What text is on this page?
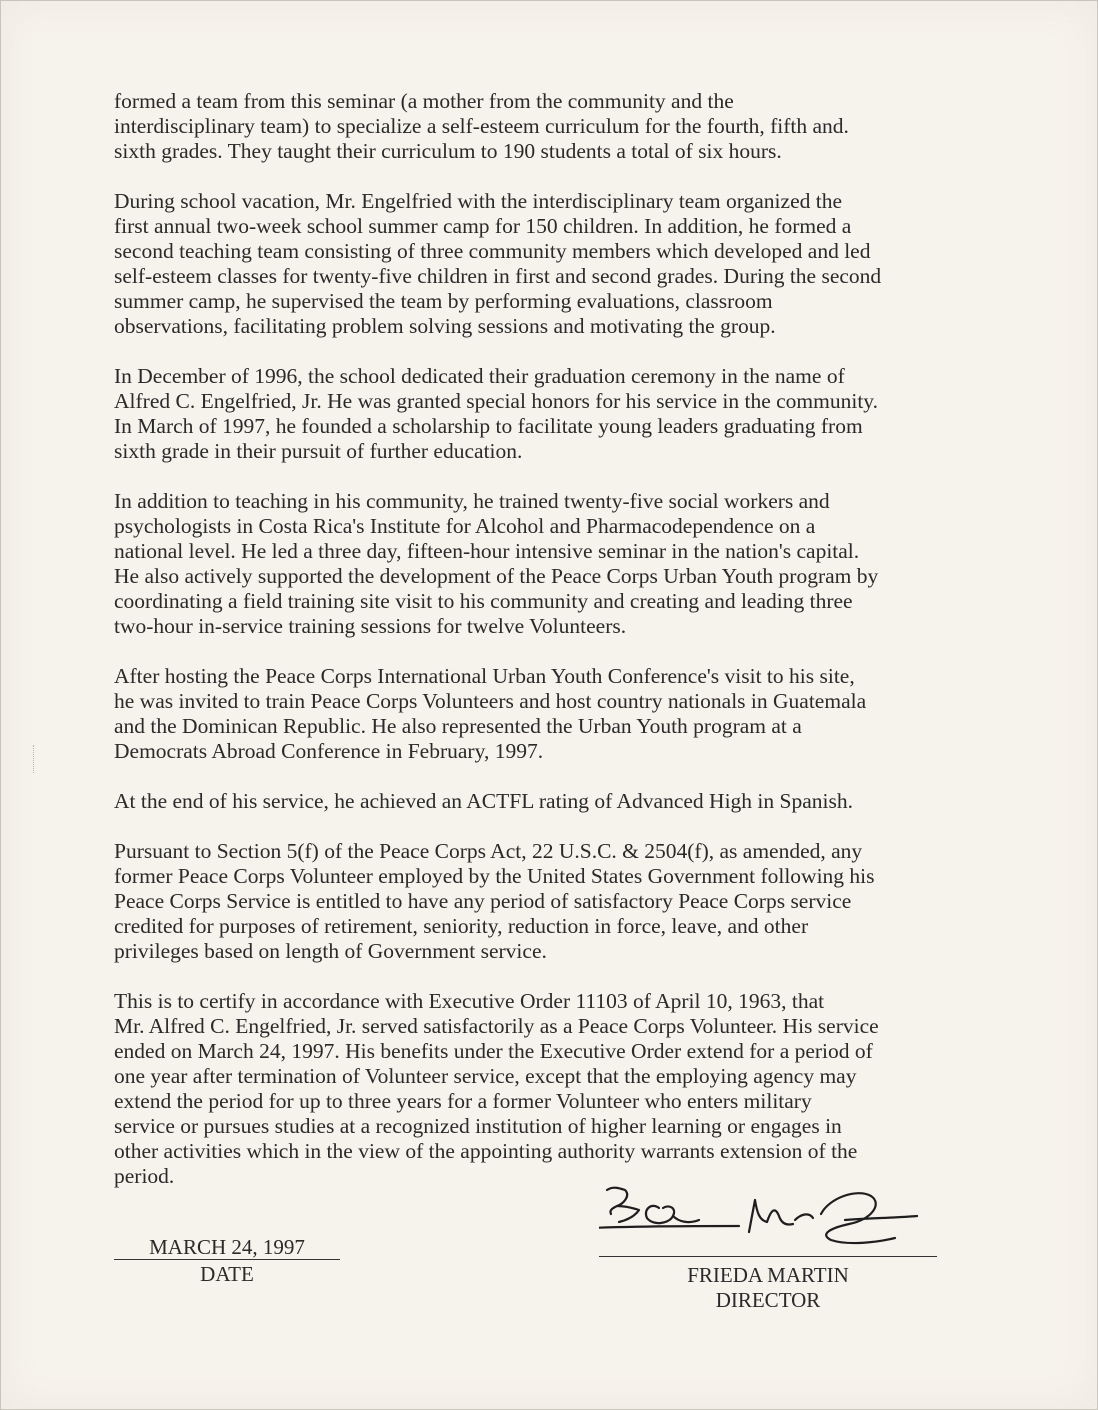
formed a team from this seminar (a mother from the community and the
interdisciplinary team) to specialize a self-esteem curriculum for the fourth, fifth and.
sixth grades. They taught their curriculum to 190 students a total of six hours.

During school vacation, Mr. Engelfried with the interdisciplinary team organized the
first annual two-week school summer camp for 150 children. In addition, he formed a
second teaching team consisting of three community members which developed and led
self-esteem classes for twenty-five children in first and second grades. During the second
summer camp, he supervised the team by performing evaluations, classroom
observations, facilitating problem solving sessions and motivating the group.

In December of 1996, the school dedicated their graduation ceremony in the name of
Alfred C. Engelfried, Jr. He was granted special honors for his service in the community.
In March of 1997, he founded a scholarship to facilitate young leaders graduating from
sixth grade in their pursuit of further education.

In addition to teaching in his community, he trained twenty-five social workers and
psychologists in Costa Rica's Institute for Alcohol and Pharmacodependence on a
national level. He led a three day, fifteen-hour intensive seminar in the nation's capital.
He also actively supported the development of the Peace Corps Urban Youth program by
coordinating a field training site visit to his community and creating and leading three
two-hour in-service training sessions for twelve Volunteers.

After hosting the Peace Corps International Urban Youth Conference's visit to his site,
he was invited to train Peace Corps Volunteers and host country nationals in Guatemala
and the Dominican Republic. He also represented the Urban Youth program at a
Democrats Abroad Conference in February, 1997.

At the end of his service, he achieved an ACTFL rating of Advanced High in Spanish.

Pursuant to Section 5(f) of the Peace Corps Act, 22 U.S.C. & 2504(f), as amended, any
former Peace Corps Volunteer employed by the United States Government following his
Peace Corps Service is entitled to have any period of satisfactory Peace Corps service
credited for purposes of retirement, seniority, reduction in force, leave, and other
privileges based on length of Government service.

This is to certify in accordance with Executive Order 11103 of April 10, 1963, that
Mr. Alfred C. Engelfried, Jr. served satisfactorily as a Peace Corps Volunteer. His service
ended on March 24, 1997. His benefits under the Executive Order extend for a period of
one year after termination of Volunteer service, except that the employing agency may
extend the period for up to three years for a former Volunteer who enters military
service or pursues studies at a recognized institution of higher learning or engages in
other activities which in the view of the appointing authority warrants extension of the
period.

MARCH 24, 1997
DATE	FRIEDA MARTIN
DIRECTOR
